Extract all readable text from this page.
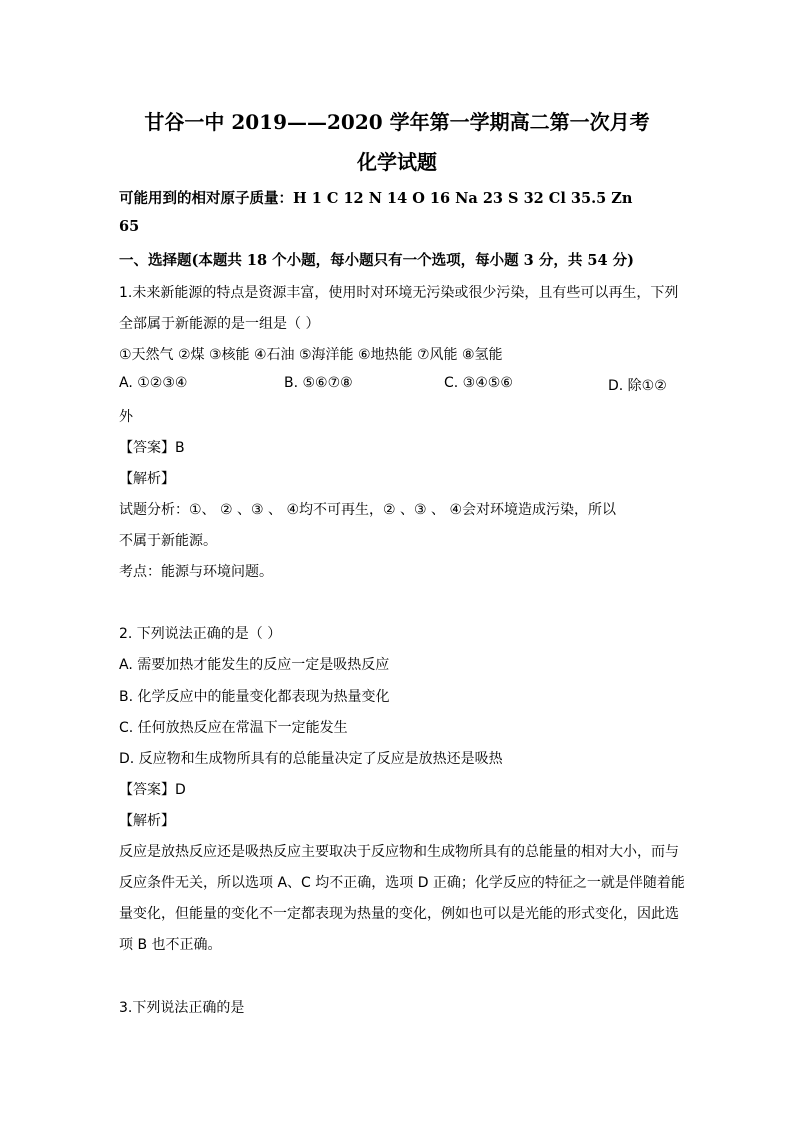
甘谷一中 2019——2020 学年第一学期高二第一次月考
化学试题
可能用到的相对原子质量：H 1 C 12 N 14 O 16 Na 23 S 32 Cl 35.5 Zn
65
一、选择题(本题共 18 个小题，每小题只有一个选项，每小题 3 分，共 54 分)
1.未来新能源的特点是资源丰富，使用时对环境无污染或很少污染，且有些可以再生，下列
全部属于新能源的是一组是（ ）
①天然气 ②煤 ③核能 ④石油 ⑤海洋能 ⑥地热能 ⑦风能 ⑧氢能
A. ①②③④	B. ⑤⑥⑦⑧	C. ③④⑤⑥	D. 除①②
外
【答案】B
【解析】
试题分析：①、 ② 、③ 、 ④均不可再生，② 、③ 、 ④会对环境造成污染，所以
不属于新能源。
考点：能源与环境问题。
2. 下列说法正确的是（ ）
A. 需要加热才能发生的反应一定是吸热反应
B. 化学反应中的能量变化都表现为热量变化
C. 任何放热反应在常温下一定能发生
D. 反应物和生成物所具有的总能量决定了反应是放热还是吸热
【答案】D
【解析】
反应是放热反应还是吸热反应主要取决于反应物和生成物所具有的总能量的相对大小，而与
反应条件无关，所以选项 A、C 均不正确，选项 D 正确；化学反应的特征之一就是伴随着能
量变化，但能量的变化不一定都表现为热量的变化，例如也可以是光能的形式变化，因此选
项 B 也不正确。
3.下列说法正确的是
